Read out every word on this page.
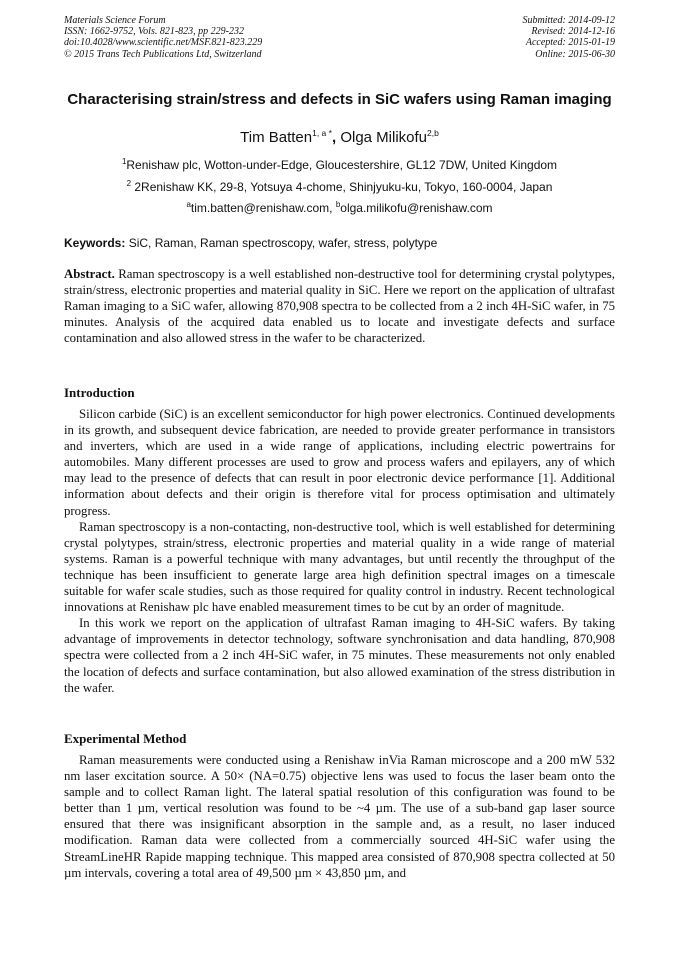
Materials Science Forum
ISSN: 1662-9752, Vols. 821-823, pp 229-232
doi:10.4028/www.scientific.net/MSF.821-823.229
© 2015 Trans Tech Publications Ltd, Switzerland
Submitted: 2014-09-12
Revised: 2014-12-16
Accepted: 2015-01-19
Online: 2015-06-30
Characterising strain/stress and defects in SiC wafers using Raman imaging
Tim Batten$^{1, a *}$, Olga Milikofu$^{2,b}$
$^1$Renishaw plc, Wotton-under-Edge, Gloucestershire, GL12 7DW, United Kingdom
$^2$ 2Renishaw KK, 29-8, Yotsuya 4-chome, Shinjyuku-ku, Tokyo, 160-0004, Japan
$^a$tim.batten@renishaw.com, $^b$olga.milikofu@renishaw.com
Keywords: SiC, Raman, Raman spectroscopy, wafer, stress, polytype
Abstract. Raman spectroscopy is a well established non-destructive tool for determining crystal polytypes, strain/stress, electronic properties and material quality in SiC. Here we report on the application of ultrafast Raman imaging to a SiC wafer, allowing 870,908 spectra to be collected from a 2 inch 4H-SiC wafer, in 75 minutes. Analysis of the acquired data enabled us to locate and investigate defects and surface contamination and also allowed stress in the wafer to be characterized.
Introduction

Silicon carbide (SiC) is an excellent semiconductor for high power electronics. Continued developments in its growth, and subsequent device fabrication, are needed to provide greater performance in transistors and inverters, which are used in a wide range of applications, including electric powertrains for automobiles. Many different processes are used to grow and process wafers and epilayers, any of which may lead to the presence of defects that can result in poor electronic device performance [1]. Additional information about defects and their origin is therefore vital for process optimisation and ultimately progress.

Raman spectroscopy is a non-contacting, non-destructive tool, which is well established for determining crystal polytypes, strain/stress, electronic properties and material quality in a wide range of material systems. Raman is a powerful technique with many advantages, but until recently the throughput of the technique has been insufficient to generate large area high definition spectral images on a timescale suitable for wafer scale studies, such as those required for quality control in industry. Recent technological innovations at Renishaw plc have enabled measurement times to be cut by an order of magnitude.

In this work we report on the application of ultrafast Raman imaging to 4H-SiC wafers. By taking advantage of improvements in detector technology, software synchronisation and data handling, 870,908 spectra were collected from a 2 inch 4H-SiC wafer, in 75 minutes. These measurements not only enabled the location of defects and surface contamination, but also allowed examination of the stress distribution in the wafer.

Experimental Method

Raman measurements were conducted using a Renishaw inVia Raman microscope and a 200 mW 532 nm laser excitation source. A 50× (NA=0.75) objective lens was used to focus the laser beam onto the sample and to collect Raman light. The lateral spatial resolution of this configuration was found to be better than 1 µm, vertical resolution was found to be ~4 µm. The use of a sub-band gap laser source ensured that there was insignificant absorption in the sample and, as a result, no laser induced modification. Raman data were collected from a commercially sourced 4H-SiC wafer using the StreamLineHR Rapide mapping technique. This mapped area consisted of 870,908 spectra collected at 50 µm intervals, covering a total area of 49,500 µm × 43,850 µm, and
